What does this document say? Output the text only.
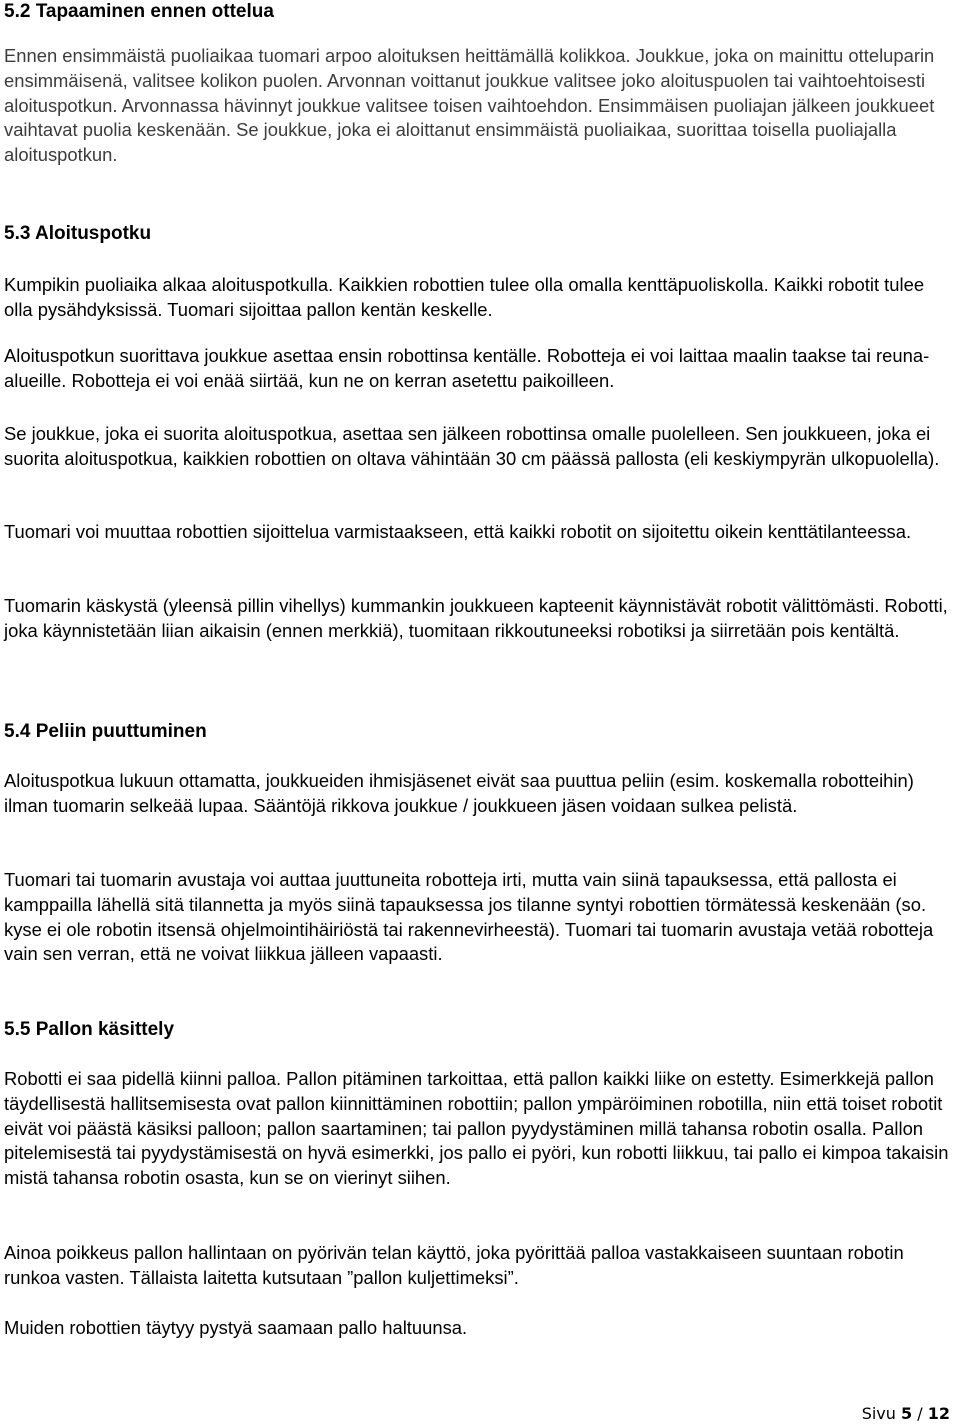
5.2 Tapaaminen ennen ottelua

Ennen ensimmäistä puoliaikaa tuomari arpoo aloituksen heittämällä kolikkoa. Joukkue, joka on mainittu otteluparin ensimmäisenä, valitsee kolikon puolen. Arvonnan voittanut joukkue valitsee joko aloituspuolen tai vaihtoehtoisesti aloituspotkun. Arvonnassa hävinnyt joukkue valitsee toisen vaihtoehdon. Ensimmäisen puoliajan jälkeen joukkueet vaihtavat puolia keskenään. Se joukkue, joka ei aloittanut ensimmäistä puoliaikaa, suorittaa toisella puoliajalla aloituspotkun.

5.3 Aloituspotku

Kumpikin puoliaika alkaa aloituspotkulla. Kaikkien robottien tulee olla omalla kenttäpuoliskolla. Kaikki robotit tulee olla pysähdyksissä. Tuomari sijoittaa pallon kentän keskelle.

Aloituspotkun suorittava joukkue asettaa ensin robottinsa kentälle. Robotteja ei voi laittaa maalin taakse tai reuna-alueille. Robotteja ei voi enää siirtää, kun ne on kerran asetettu paikoilleen.

Se joukkue, joka ei suorita aloituspotkua, asettaa sen jälkeen robottinsa omalle puolelleen. Sen joukkueen, joka ei suorita aloituspotkua, kaikkien robottien on oltava vähintään 30 cm päässä pallosta (eli keskiympyrän ulkopuolella).

Tuomari voi muuttaa robottien sijoittelua varmistaakseen, että kaikki robotit on sijoitettu oikein kenttätilanteessa.

Tuomarin käskystä (yleensä pillin vihellys) kummankin joukkueen kapteenit käynnistävät robotit välittömästi. Robotti, joka käynnistetään liian aikaisin (ennen merkkiä), tuomitaan rikkoutuneeksi robotiksi ja siirretään pois kentältä.

5.4 Peliin puuttuminen

Aloituspotkua lukuun ottamatta, joukkueiden ihmisjäsenet eivät saa puuttua peliin (esim. koskemalla robotteihin) ilman tuomarin selkeää lupaa. Sääntöjä rikkova joukkue / joukkueen jäsen voidaan sulkea pelistä.

Tuomari tai tuomarin avustaja voi auttaa juuttuneita robotteja irti, mutta vain siinä tapauksessa, että pallosta ei kamppailla lähellä sitä tilannetta ja myös siinä tapauksessa jos tilanne syntyi robottien törmätessä keskenään (so. kyse ei ole robotin itsensä ohjelmointihäiriöstä tai rakennevirheestä). Tuomari tai tuomarin avustaja vetää robotteja vain sen verran, että ne voivat liikkua jälleen vapaasti.

5.5 Pallon käsittely

Robotti ei saa pidellä kiinni palloa. Pallon pitäminen tarkoittaa, että pallon kaikki liike on estetty. Esimerkkejä pallon täydellisestä hallitsemisesta ovat pallon kiinnittäminen robottiin; pallon ympäröiminen robotilla, niin että toiset robotit eivät voi päästä käsiksi palloon; pallon saartaminen; tai pallon pyydystäminen millä tahansa robotin osalla. Pallon pitelemisestä tai pyydystämisestä on hyvä esimerkki, jos pallo ei pyöri, kun robotti liikkuu, tai pallo ei kimpoa takaisin mistä tahansa robotin osasta, kun se on vierinyt siihen.

Ainoa poikkeus pallon hallintaan on pyörivän telan käyttö, joka pyörittää palloa vastakkaiseen suuntaan robotin runkoa vasten. Tällaista laitetta kutsutaan ”pallon kuljettimeksi”.

Muiden robottien täytyy pystyä saamaan pallo haltuunsa.

Sivu 5 / 12
